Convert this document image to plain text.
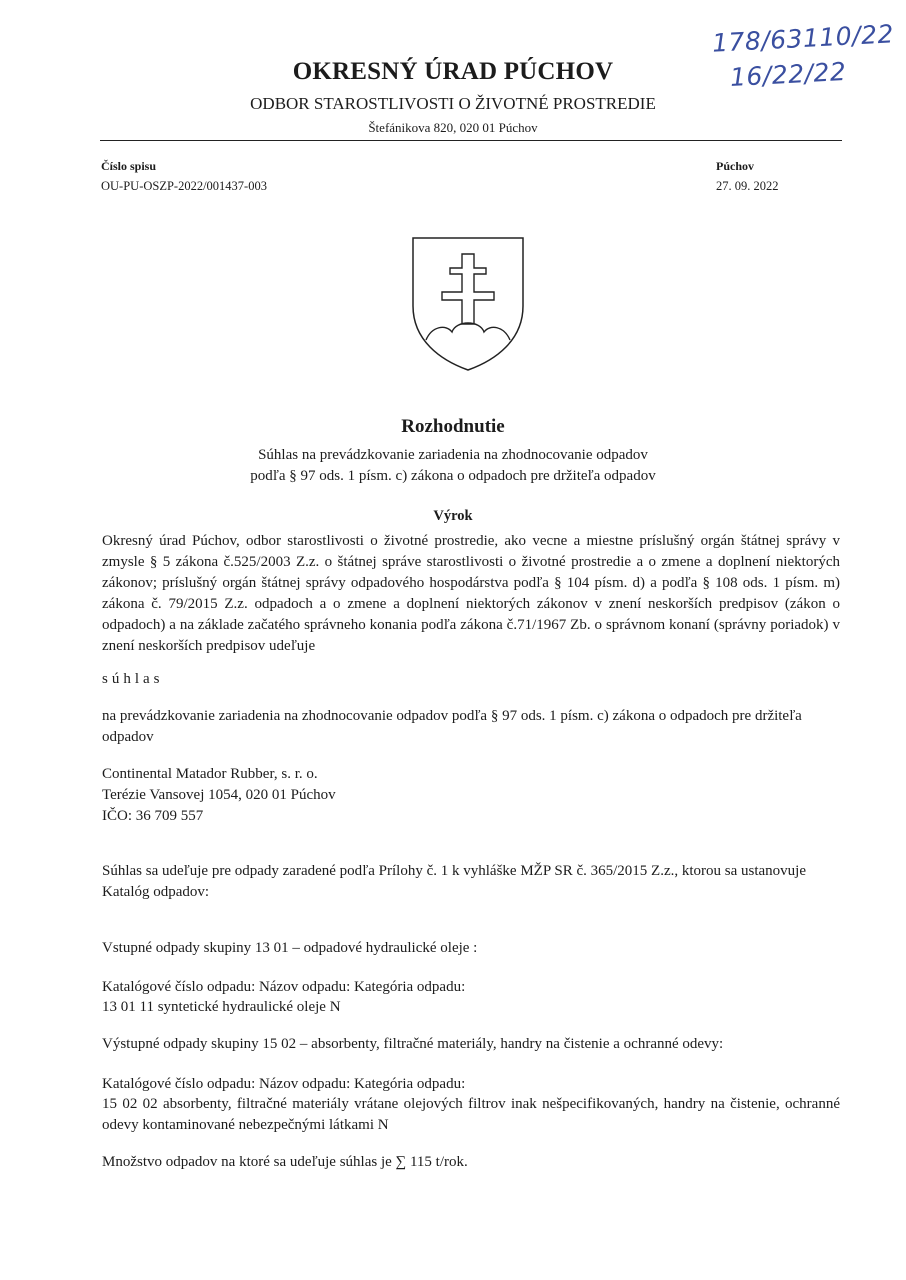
178/63110/22
16/22/22
OKRESNÝ ÚRAD PÚCHOV
ODBOR STAROSTLIVOSTI O ŽIVOTNÉ PROSTREDIE
Štefánikova 820, 020 01 Púchov
Číslo spisu
OU-PU-OSZP-2022/001437-003
Púchov
27. 09. 2022
Rozhodnutie
Súhlas na prevádzkovanie zariadenia na zhodnocovanie odpadov
podľa § 97 ods. 1 písm. c) zákona o odpadoch pre držiteľa odpadov
Výrok
Okresný úrad Púchov, odbor starostlivosti o životné prostredie, ako vecne a miestne príslušný orgán štátnej správy v zmysle § 5 zákona č.525/2003 Z.z. o štátnej správe starostlivosti o životné prostredie a o zmene a doplnení niektorých zákonov; príslušný orgán štátnej správy odpadového hospodárstva podľa § 104 písm. d) a podľa § 108 ods. 1 písm. m) zákona č. 79/2015 Z.z. odpadoch a o zmene a doplnení niektorých zákonov v znení neskorších predpisov (zákon o odpadoch) a na základe začatého správneho konania podľa zákona č.71/1967 Zb. o správnom konaní (správny poriadok) v znení neskorších predpisov udeľuje
súhlas
na prevádzkovanie zariadenia na zhodnocovanie odpadov podľa § 97 ods. 1 písm. c) zákona o odpadoch pre držiteľa odpadov
Continental Matador Rubber, s. r. o.
Terézie Vansovej 1054, 020 01 Púchov
IČO: 36 709 557
Súhlas sa udeľuje pre odpady zaradené podľa Prílohy č. 1 k vyhláške MŽP SR č. 365/2015 Z.z., ktorou sa ustanovuje Katalóg odpadov:
Vstupné odpady skupiny 13 01 – odpadové hydraulické oleje :
Katalógové číslo odpadu: Názov odpadu: Kategória odpadu:
13 01 11 syntetické hydraulické oleje N
Výstupné odpady skupiny 15 02 – absorbenty, filtračné materiály, handry na čistenie a ochranné odevy:
Katalógové číslo odpadu: Názov odpadu: Kategória odpadu:
15 02 02 absorbenty, filtračné materiály vrátane olejových filtrov inak nešpecifikovaných, handry na čistenie, ochranné odevy kontaminované nebezpečnými látkami N
Množstvo odpadov na ktoré sa udeľuje súhlas je ∑ 115 t/rok.
